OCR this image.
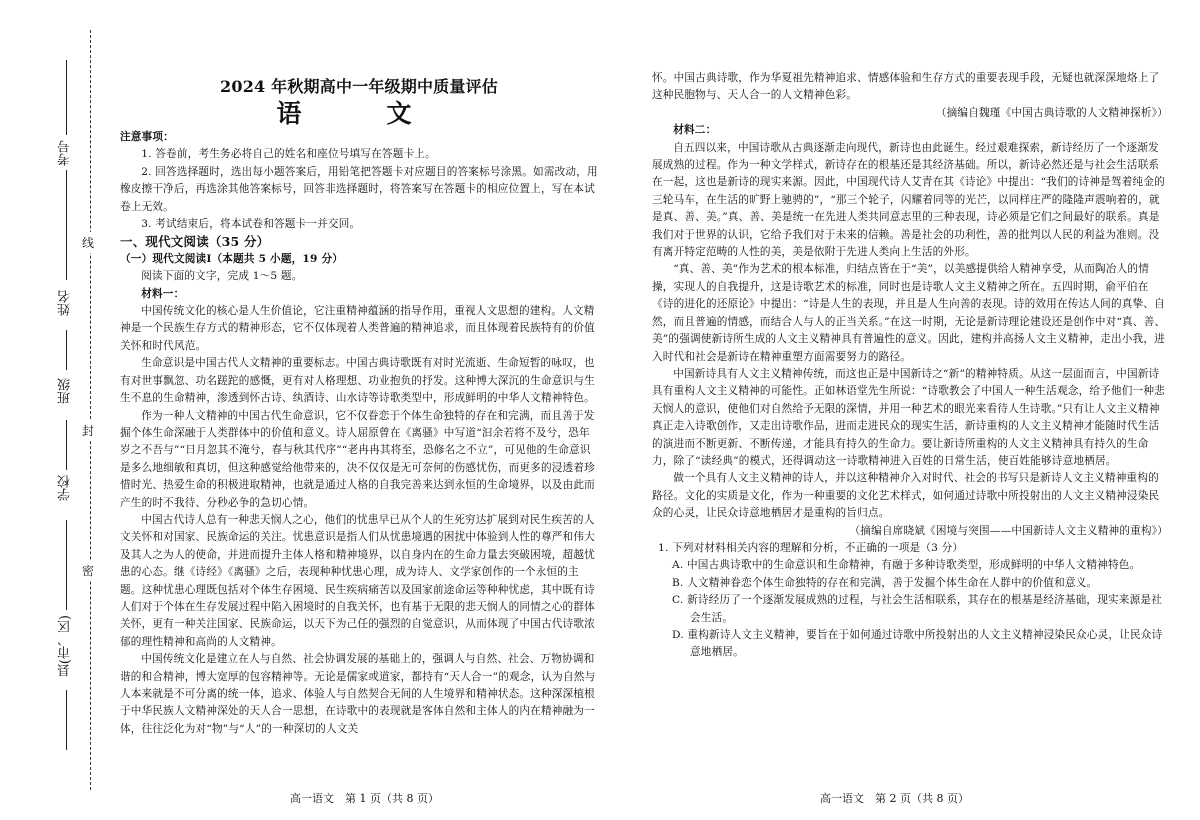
线
封
密
考号
姓名
班级
学校
县(市、区)

2024 年秋期高中一年级期中质量评估

语　文

注意事项：

1. 答卷前，考生务必将自己的姓名和座位号填写在答题卡上。

2. 回答选择题时，选出每小题答案后，用铅笔把答题卡对应题目的答案标号涂黑。如需改动，用橡皮擦干净后，再选涂其他答案标号，回答非选择题时，将答案写在答题卡的相应位置上，写在本试卷上无效。

3. 考试结束后，将本试卷和答题卡一并交回。

一、现代文阅读（35 分）

（一）现代文阅读Ⅰ（本题共 5 小题，19 分）

阅读下面的文字，完成 1～5 题。

材料一：

中国传统文化的核心是人生价值论，它注重精神蕴涵的指导作用，重视人文思想的建构。人文精神是一个民族生存方式的精神形态，它不仅体现着人类普遍的精神追求，而且体现着民族特有的价值关怀和时代风范。

生命意识是中国古代人文精神的重要标志。中国古典诗歌既有对时光流逝、生命短暂的咏叹，也有对世事飘忽、功名蹉跎的感慨，更有对人格理想、功业抱负的抒发。这种博大深沉的生命意识与生生不息的生命精神，渗透到怀古诗、纨酒诗、山水诗等诗歌类型中，形成鲜明的中华人文精神特色。

作为一种人文精神的中国古代生命意识，它不仅眷恋于个体生命独特的存在和完满，而且善于发掘个体生命深融于人类群体中的价值和意义。诗人屈原曾在《离骚》中写道“汩余若将不及兮，恐年岁之不吾与”“日月忽其不淹兮，春与秋其代序”“老冉冉其将至，恐修名之不立”，可见他的生命意识是多么地细敏和真切，但这种感觉给他带来的，决不仅仅是无可奈何的伤感忧伤，而更多的浸透着珍惜时光、热爱生命的积极进取精神，也就是通过人格的自我完善来达到永恒的生命境界，以及由此而产生的时不我待、分秒必争的急切心情。

中国古代诗人总有一种悲天悯人之心，他们的忧患早已从个人的生死穷达扩展到对民生疾苦的人文关怀和对国家、民族命运的关注。忧患意识是指人们从忧患境遇的困扰中体验到人性的尊严和伟大及其人之为人的使命，并进而提升主体人格和精神境界，以自身内在的生命力量去突破困境，超越忧患的心态。继《诗经》《离骚》之后，表现种种忧患心理，成为诗人、文学家创作的一个永恒的主题。这种忧患心理既包括对个体生存困境、民生疾病痛苦以及国家前途命运等种种忧虑，其中既有诗人们对于个体在生存发展过程中陷入困境时的自我关怀，也有基于无限的悲天悯人的同情之心的群体关怀，更有一种关注国家、民族命运，以天下为己任的强烈的自觉意识，从而体现了中国古代诗歌浓郁的理性精神和高尚的人文精神。

中国传统文化是建立在人与自然、社会协调发展的基础上的，强调人与自然、社会、万物协调和谐的和合精神，博大宽厚的包容精神等。无论是儒家或道家，都持有“天人合一”的观念，认为自然与人本来就是不可分离的统一体，追求、体验人与自然契合无间的人生境界和精神状态。这种深深植根于中华民族人文精神深处的天人合一思想，在诗歌中的表现就是客体自然和主体人的内在精神融为一体，往往泛化为对“物”与“人”的一种深切的人文关

高一语文　第 1 页（共 8 页）

怀。中国古典诗歌，作为华夏祖先精神追求、情感体验和生存方式的重要表现手段，无疑也就深深地烙上了这种民胞物与、天人合一的人文精神色彩。

（摘编自魏瑾《中国古典诗歌的人文精神探析》）

材料二：

自五四以来，中国诗歌从古典逐渐走向现代，新诗也由此诞生。经过艰难探索，新诗经历了一个逐渐发展成熟的过程。作为一种文学样式，新诗存在的根基还是其经济基础。所以，新诗必然还是与社会生活联系在一起，这也是新诗的现实来源。因此，中国现代诗人艾青在其《诗论》中提出：“我们的诗神是驾着纯金的三轮马车，在生活的旷野上驰骋的”，“那三个轮子，闪耀着同等的光芒，以同样庄严的隆隆声震响着的，就是真、善、美。”真、善、美是统一在先进人类共同意志里的三种表现，诗必须是它们之间最好的联系。真是我们对于世界的认识，它给予我们对于未来的信赖。善是社会的功利性，善的批判以人民的利益为准则。没有离开特定范畴的人性的美，美是依附于先进人类向上生活的外形。

“真、善、美”作为艺术的根本标准，归结点皆在于“美”，以美感提供给人精神享受，从而陶冶人的情操，实现人的自我提升，这是诗歌艺术的标准，同时也是诗歌人文主义精神之所在。五四时期，俞平伯在《诗的进化的还原论》中提出：“诗是人生的表现，并且是人生向善的表现。诗的效用在传达人间的真挚、自然，而且普遍的情感，而结合人与人的正当关系。”在这一时期，无论是新诗理论建设还是创作中对“真、善、美”的强调使新诗所生成的人文主义精神具有普遍性的意义。因此，建构并高扬人文主义精神，走出小我，进入时代和社会是新诗在精神重塑方面需要努力的路径。

中国新诗具有人文主义精神传统，而这也正是中国新诗之“新”的精神特质。从这一层面而言，中国新诗具有重构人文主义精神的可能性。正如林语堂先生所说：“诗歌教会了中国人一种生活观念，给予他们一种悲天悯人的意识，使他们对自然给予无限的深情，并用一种艺术的眼光来看待人生诗歌。”只有让人文主义精神真正走入诗歌创作，又走出诗歌作品，进而走进民众的现实生活，新诗重构的人文主义精神才能随时代生活的演进而不断更新、不断传递，才能具有持久的生命力。要让新诗所重构的人文主义精神具有持久的生命力，除了“读经典”的模式，还得调动这一诗歌精神进入百姓的日常生活，使百姓能够诗意地栖居。

做一个具有人文主义精神的诗人，并以这种精神介入对时代、社会的书写只是新诗人文主义精神重构的路径。文化的实质是文化，作为一种重要的文化艺术样式，如何通过诗歌中所投射出的人文主义精神浸染民众的心灵，让民众诗意地栖居才是重构的旨归点。

（摘编自席晓斌《困境与突围——中国新诗人文主义精神的重构》）

1. 下列对材料相关内容的理解和分析，不正确的一项是（3 分）

A. 中国古典诗歌中的生命意识和生命精神，有融于多种诗歌类型，形成鲜明的中华人文精神特色。

B. 人文精神眷恋个体生命独特的存在和完满，善于发掘个体生命在人群中的价值和意义。

C. 新诗经历了一个逐渐发展成熟的过程，与社会生活相联系，其存在的根基是经济基础，现实来源是社会生活。

D. 重构新诗人文主义精神，要旨在于如何通过诗歌中所投射出的人文主义精神浸染民众心灵，让民众诗意地栖居。

高一语文　第 2 页（共 8 页）
